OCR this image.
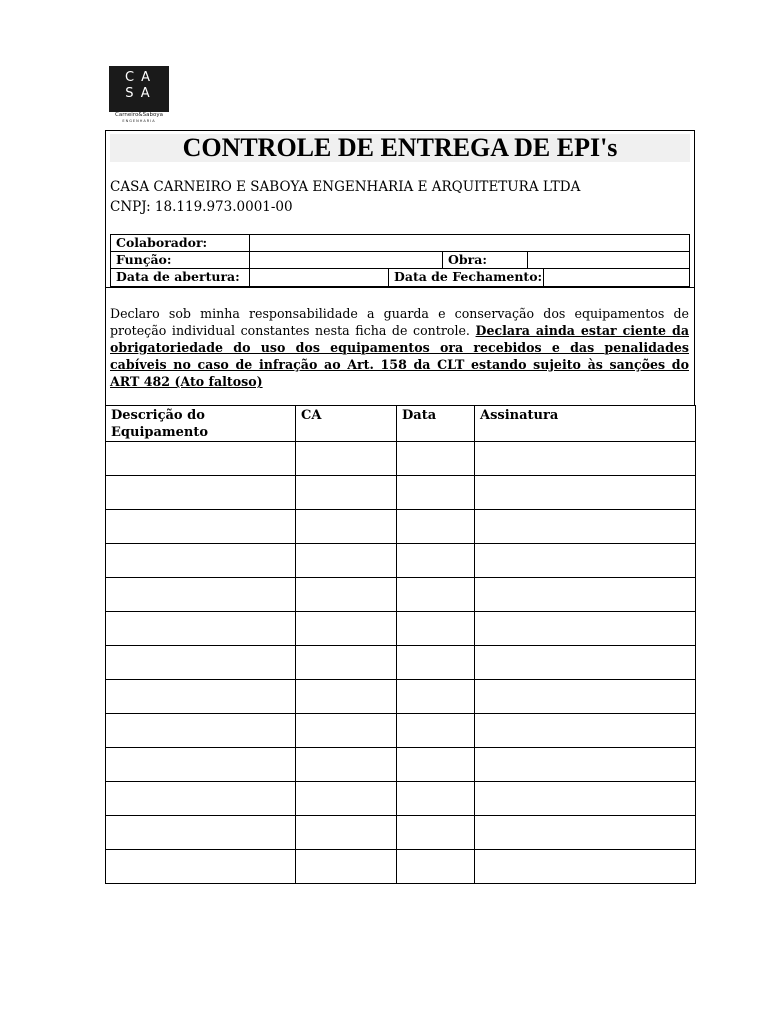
CA
SA
Carneiro&Saboya
ENGENHARIA
CONTROLE DE ENTREGA DE EPI's
CASA CARNEIRO E SABOYA ENGENHARIA E ARQUITETURA LTDA
CNPJ: 18.119.973.0001-00
Colaborador:
Função:	Obra:
Data de abertura:	Data de Fechamento:
Declaro sob minha responsabilidade a guarda e conservação dos equipamentos de proteção individual constantes nesta ficha de controle. Declara ainda estar ciente da obrigatoriedade do uso dos equipamentos ora recebidos e das penalidades cabíveis no caso de infração ao Art. 158 da CLT estando sujeito às sanções do ART 482 (Ato faltoso)
Descrição do Equipamento	CA	Data	Assinatura
